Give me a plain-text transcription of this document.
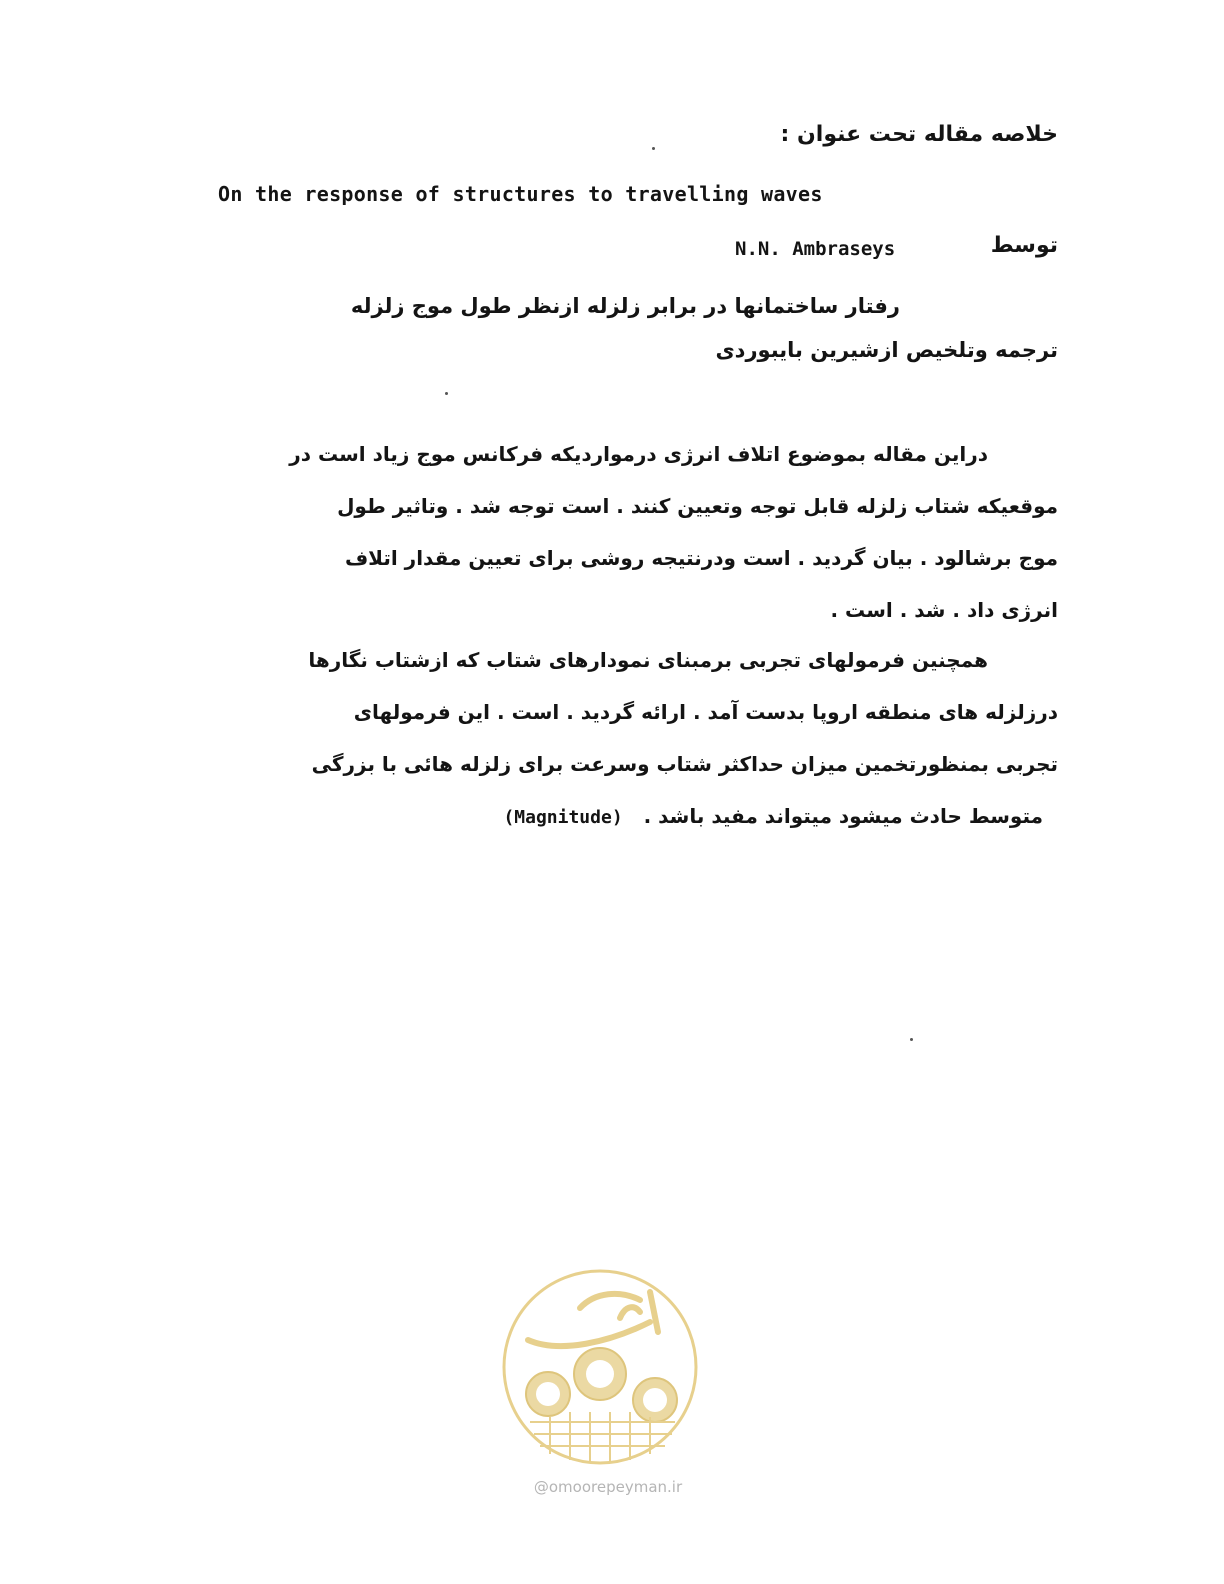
خلاصه مقاله تحت عنوان :
On the response of structures to travelling waves
توسط
N.N. Ambraseys
رفتار ساختمانها در برابر زلزله ازنظر طول موج زلزله
ترجمه وتلخیص ازشیرین بایبوردی
دراین مقاله بموضوع اتلاف انرژی درمواردیکه فرکانس موج زیاد است در
موقعیکه شتاب زلزله قابل توجه وتعیین کنند . است توجه شد . وتاثیر طول
موج برشالود . بیان گردید . است ودرنتیجه روشی برای تعیین مقدار اتلاف
انرژی داد . شد . است .
همچنین فرمولهای تجربی برمبنای نمودارهای شتاب که ازشتاب نگارها
درزلزله های منطقه اروپا بدست آمد . ارائه گردید . است . این فرمولهای
تجربی بمنظورتخمین میزان حداکثر شتاب وسرعت برای زلزله هائی با بزرگی
متوسط حادث میشود میتواند مفید باشد .   (Magnitude)
@omoorepeyman.ir
